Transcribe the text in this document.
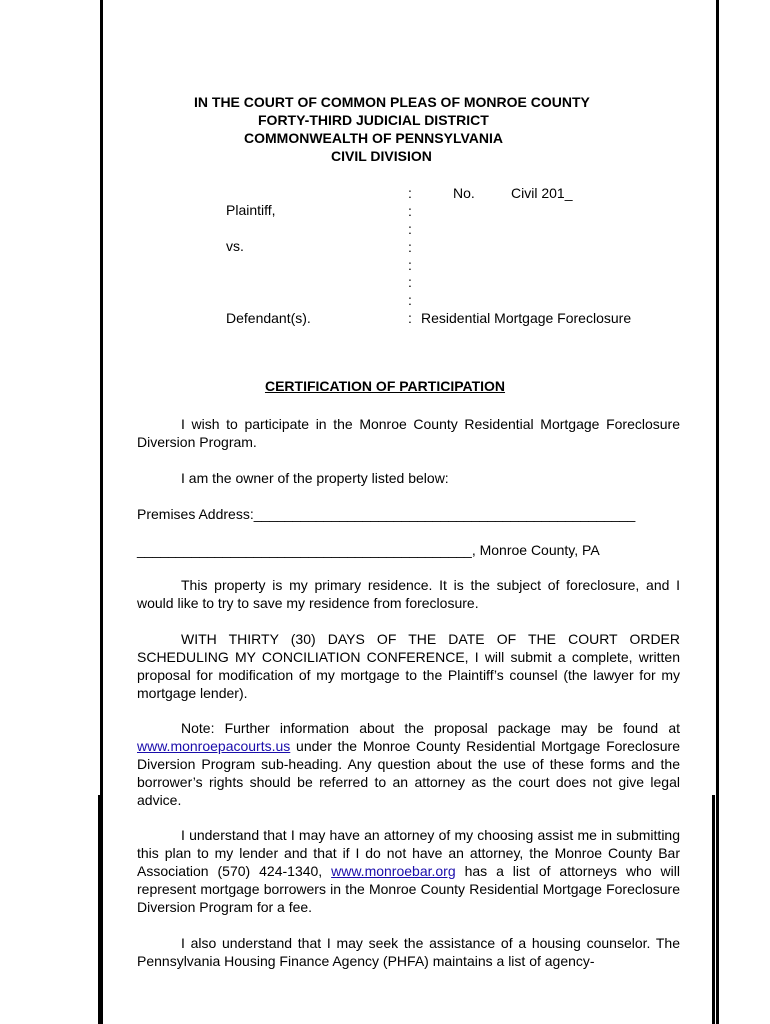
IN THE COURT OF COMMON PLEAS OF MONROE COUNTY
FORTY-THIRD JUDICIAL DISTRICT
COMMONWEALTH OF PENNSYLVANIA
CIVIL DIVISION
No.	Civil 201_
Plaintiff,
vs.
Defendant(s).	Residential Mortgage Foreclosure
:
:
:
:
:
:
:
:
CERTIFICATION OF PARTICIPATION
I wish to participate in the Monroe County Residential Mortgage Foreclosure Diversion Program.
I am the owner of the property listed below:
Premises Address:_________________________________________________
___________________________________________, Monroe County, PA
This property is my primary residence. It is the subject of foreclosure, and I would like to try to save my residence from foreclosure.
WITH THIRTY (30) DAYS OF THE DATE OF THE COURT ORDER SCHEDULING MY CONCILIATION CONFERENCE, I will submit a complete, written proposal for modification of my mortgage to the Plaintiff’s counsel (the lawyer for my mortgage lender).
Note: Further information about the proposal package may be found at www.monroepacourts.us under the Monroe County Residential Mortgage Foreclosure Diversion Program sub-heading. Any question about the use of these forms and the borrower’s rights should be referred to an attorney as the court does not give legal advice.
I understand that I may have an attorney of my choosing assist me in submitting this plan to my lender and that if I do not have an attorney, the Monroe County Bar Association (570) 424-1340, www.monroebar.org has a list of attorneys who will represent mortgage borrowers in the Monroe County Residential Mortgage Foreclosure Diversion Program for a fee.
I also understand that I may seek the assistance of a housing counselor. The Pennsylvania Housing Finance Agency (PHFA) maintains a list of agency-
